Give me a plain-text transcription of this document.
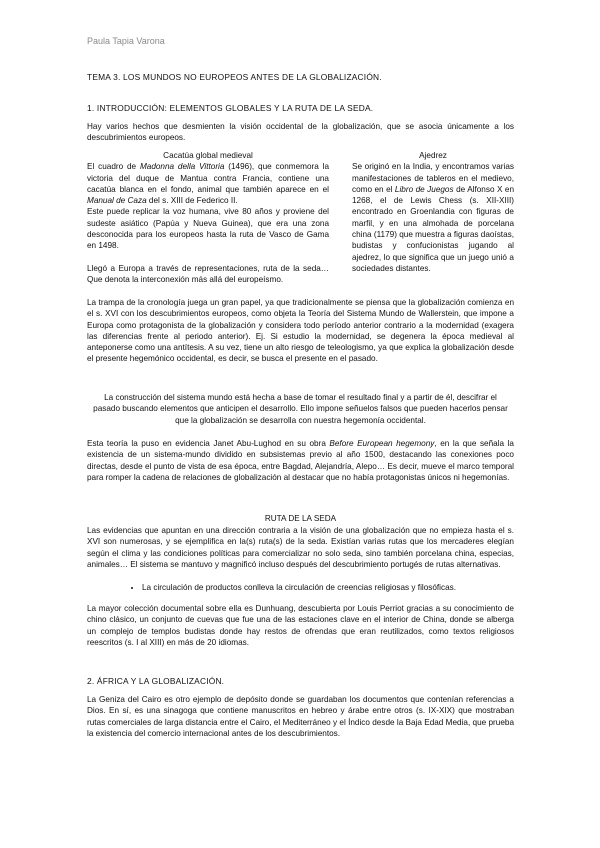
Paula Tapia Varona
TEMA 3. LOS MUNDOS NO EUROPEOS ANTES DE LA GLOBALIZACIÓN.
1. INTRODUCCIÓN: ELEMENTOS GLOBALES Y LA RUTA DE LA SEDA.
Hay varios hechos que desmienten la visión occidental de la globalización, que se asocia únicamente a los descubrimientos europeos.
Cacatúa global medieval
El cuadro de Madonna della Vittoria (1496), que conmemora la victoria del duque de Mantua contra Francia, contiene una cacatúa blanca en el fondo, animal que también aparece en el Manual de Caza del s. XIII de Federico II.
Este puede replicar la voz humana, vive 80 años y proviene del sudeste asiático (Papúa y Nueva Guinea), que era una zona desconocida para los europeos hasta la ruta de Vasco de Gama en 1498.
Llegó a Europa a través de representaciones, ruta de la seda… Que denota la interconexión más allá del europeísmo.
Ajedrez
Se originó en la India, y encontramos varias manifestaciones de tableros en el medievo, como en el Libro de Juegos de Alfonso X en 1268, el de Lewis Chess (s. XII-XIII) encontrado en Groenlandia con figuras de marfil, y en una almohada de porcelana china (1179) que muestra a figuras daoístas, budistas y confucionistas jugando al ajedrez, lo que significa que un juego unió a sociedades distantes.
La trampa de la cronología juega un gran papel, ya que tradicionalmente se piensa que la globalización comienza en el s. XVI con los descubrimientos europeos, como objeta la Teoría del Sistema Mundo de Wallerstein, que impone a Europa como protagonista de la globalización y considera todo período anterior contrario a la modernidad (exagera las diferencias frente al periodo anterior). Ej. Si estudio la modernidad, se degenera la época medieval al anteponerse como una antítesis. A su vez, tiene un alto riesgo de teleologismo, ya que explica la globalización desde el presente hegemónico occidental, es decir, se busca el presente en el pasado.
La construcción del sistema mundo está hecha a base de tomar el resultado final y a partir de él, descifrar el pasado buscando elementos que anticipen el desarrollo. Ello impone señuelos falsos que pueden hacerlos pensar que la globalización se desarrolla con nuestra hegemonía occidental.
Esta teoría la puso en evidencia Janet Abu-Lughod en su obra Before European hegemony, en la que señala la existencia de un sistema-mundo dividido en subsistemas previo al año 1500, destacando las conexiones poco directas, desde el punto de vista de esa época, entre Bagdad, Alejandría, Alepo… Es decir, mueve el marco temporal para romper la cadena de relaciones de globalización al destacar que no había protagonistas únicos ni hegemonías.
RUTA DE LA SEDA
Las evidencias que apuntan en una dirección contraria a la visión de una globalización que no empieza hasta el s. XVI son numerosas, y se ejemplifica en la(s) ruta(s) de la seda. Existían varias rutas que los mercaderes elegían según el clima y las condiciones políticas para comercializar no solo seda, sino también porcelana china, especias, animales… El sistema se mantuvo y magnificó incluso después del descubrimiento portugés de rutas alternativas.
• La circulación de productos conlleva la circulación de creencias religiosas y filosóficas.
La mayor colección documental sobre ella es Dunhuang, descubierta por Louis Perriot gracias a su conocimiento de chino clásico, un conjunto de cuevas que fue una de las estaciones clave en el interior de China, donde se alberga un complejo de templos budistas donde hay restos de ofrendas que eran reutilizados, como textos religiosos reescritos (s. I al XIII) en más de 20 idiomas.
2. ÁFRICA Y LA GLOBALIZACIÓN.
La Geniza del Cairo es otro ejemplo de depósito donde se guardaban los documentos que contenían referencias a Dios. En sí, es una sinagoga que contiene manuscritos en hebreo y árabe entre otros (s. IX-XIX) que mostraban rutas comerciales de larga distancia entre el Cairo, el Mediterráneo y el Índico desde la Baja Edad Media, que prueba la existencia del comercio internacional antes de los descubrimientos.
